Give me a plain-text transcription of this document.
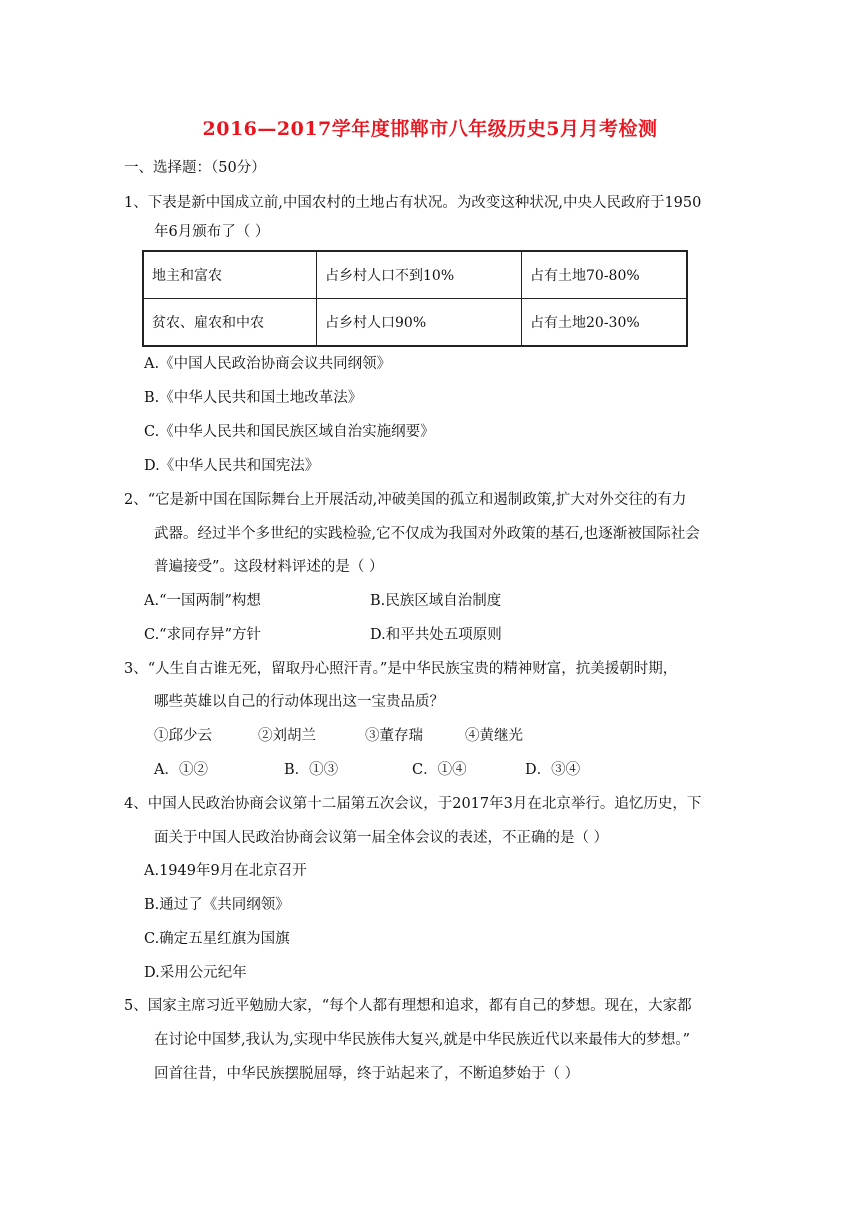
2016—2017学年度邯郸市八年级历史5月月考检测
一、选择题：（50分）
1、下表是新中国成立前,中国农村的土地占有状况。为改变这种状况,中央人民政府于1950
年6月颁布了（ ）
地主和富农	占乡村人口不到10%	占有土地70-80%
贫农、雇农和中农	占乡村人口90%	占有土地20-30%
A.《中国人民政治协商会议共同纲领》
B.《中华人民共和国土地改革法》
C.《中华人民共和国民族区域自治实施纲要》
D.《中华人民共和国宪法》
2、“它是新中国在国际舞台上开展活动,冲破美国的孤立和遏制政策,扩大对外交往的有力
武器。经过半个多世纪的实践检验,它不仅成为我国对外政策的基石,也逐渐被国际社会
普遍接受”。这段材料评述的是（ ）
A.“一国两制”构想	B.民族区域自治制度
C.“求同存异”方针	D.和平共处五项原则
3、“人生自古谁无死，留取丹心照汗青。”是中华民族宝贵的精神财富，抗美援朝时期，
哪些英雄以自己的行动体现出这一宝贵品质？
①邱少云	②刘胡兰	③董存瑞	④黄继光
A．①②	B．①③	C．①④	D．③④
4、中国人民政治协商会议第十二届第五次会议，于2017年3月在北京举行。追忆历史，下
面关于中国人民政治协商会议第一届全体会议的表述，不正确的是（ ）
A.1949年9月在北京召开
B.通过了《共同纲领》
C.确定五星红旗为国旗
D.采用公元纪年
5、国家主席习近平勉励大家，“每个人都有理想和追求，都有自己的梦想。现在，大家都
在讨论中国梦,我认为,实现中华民族伟大复兴,就是中华民族近代以来最伟大的梦想。”
回首往昔，中华民族摆脱屈辱，终于站起来了，不断追梦始于（ ）
